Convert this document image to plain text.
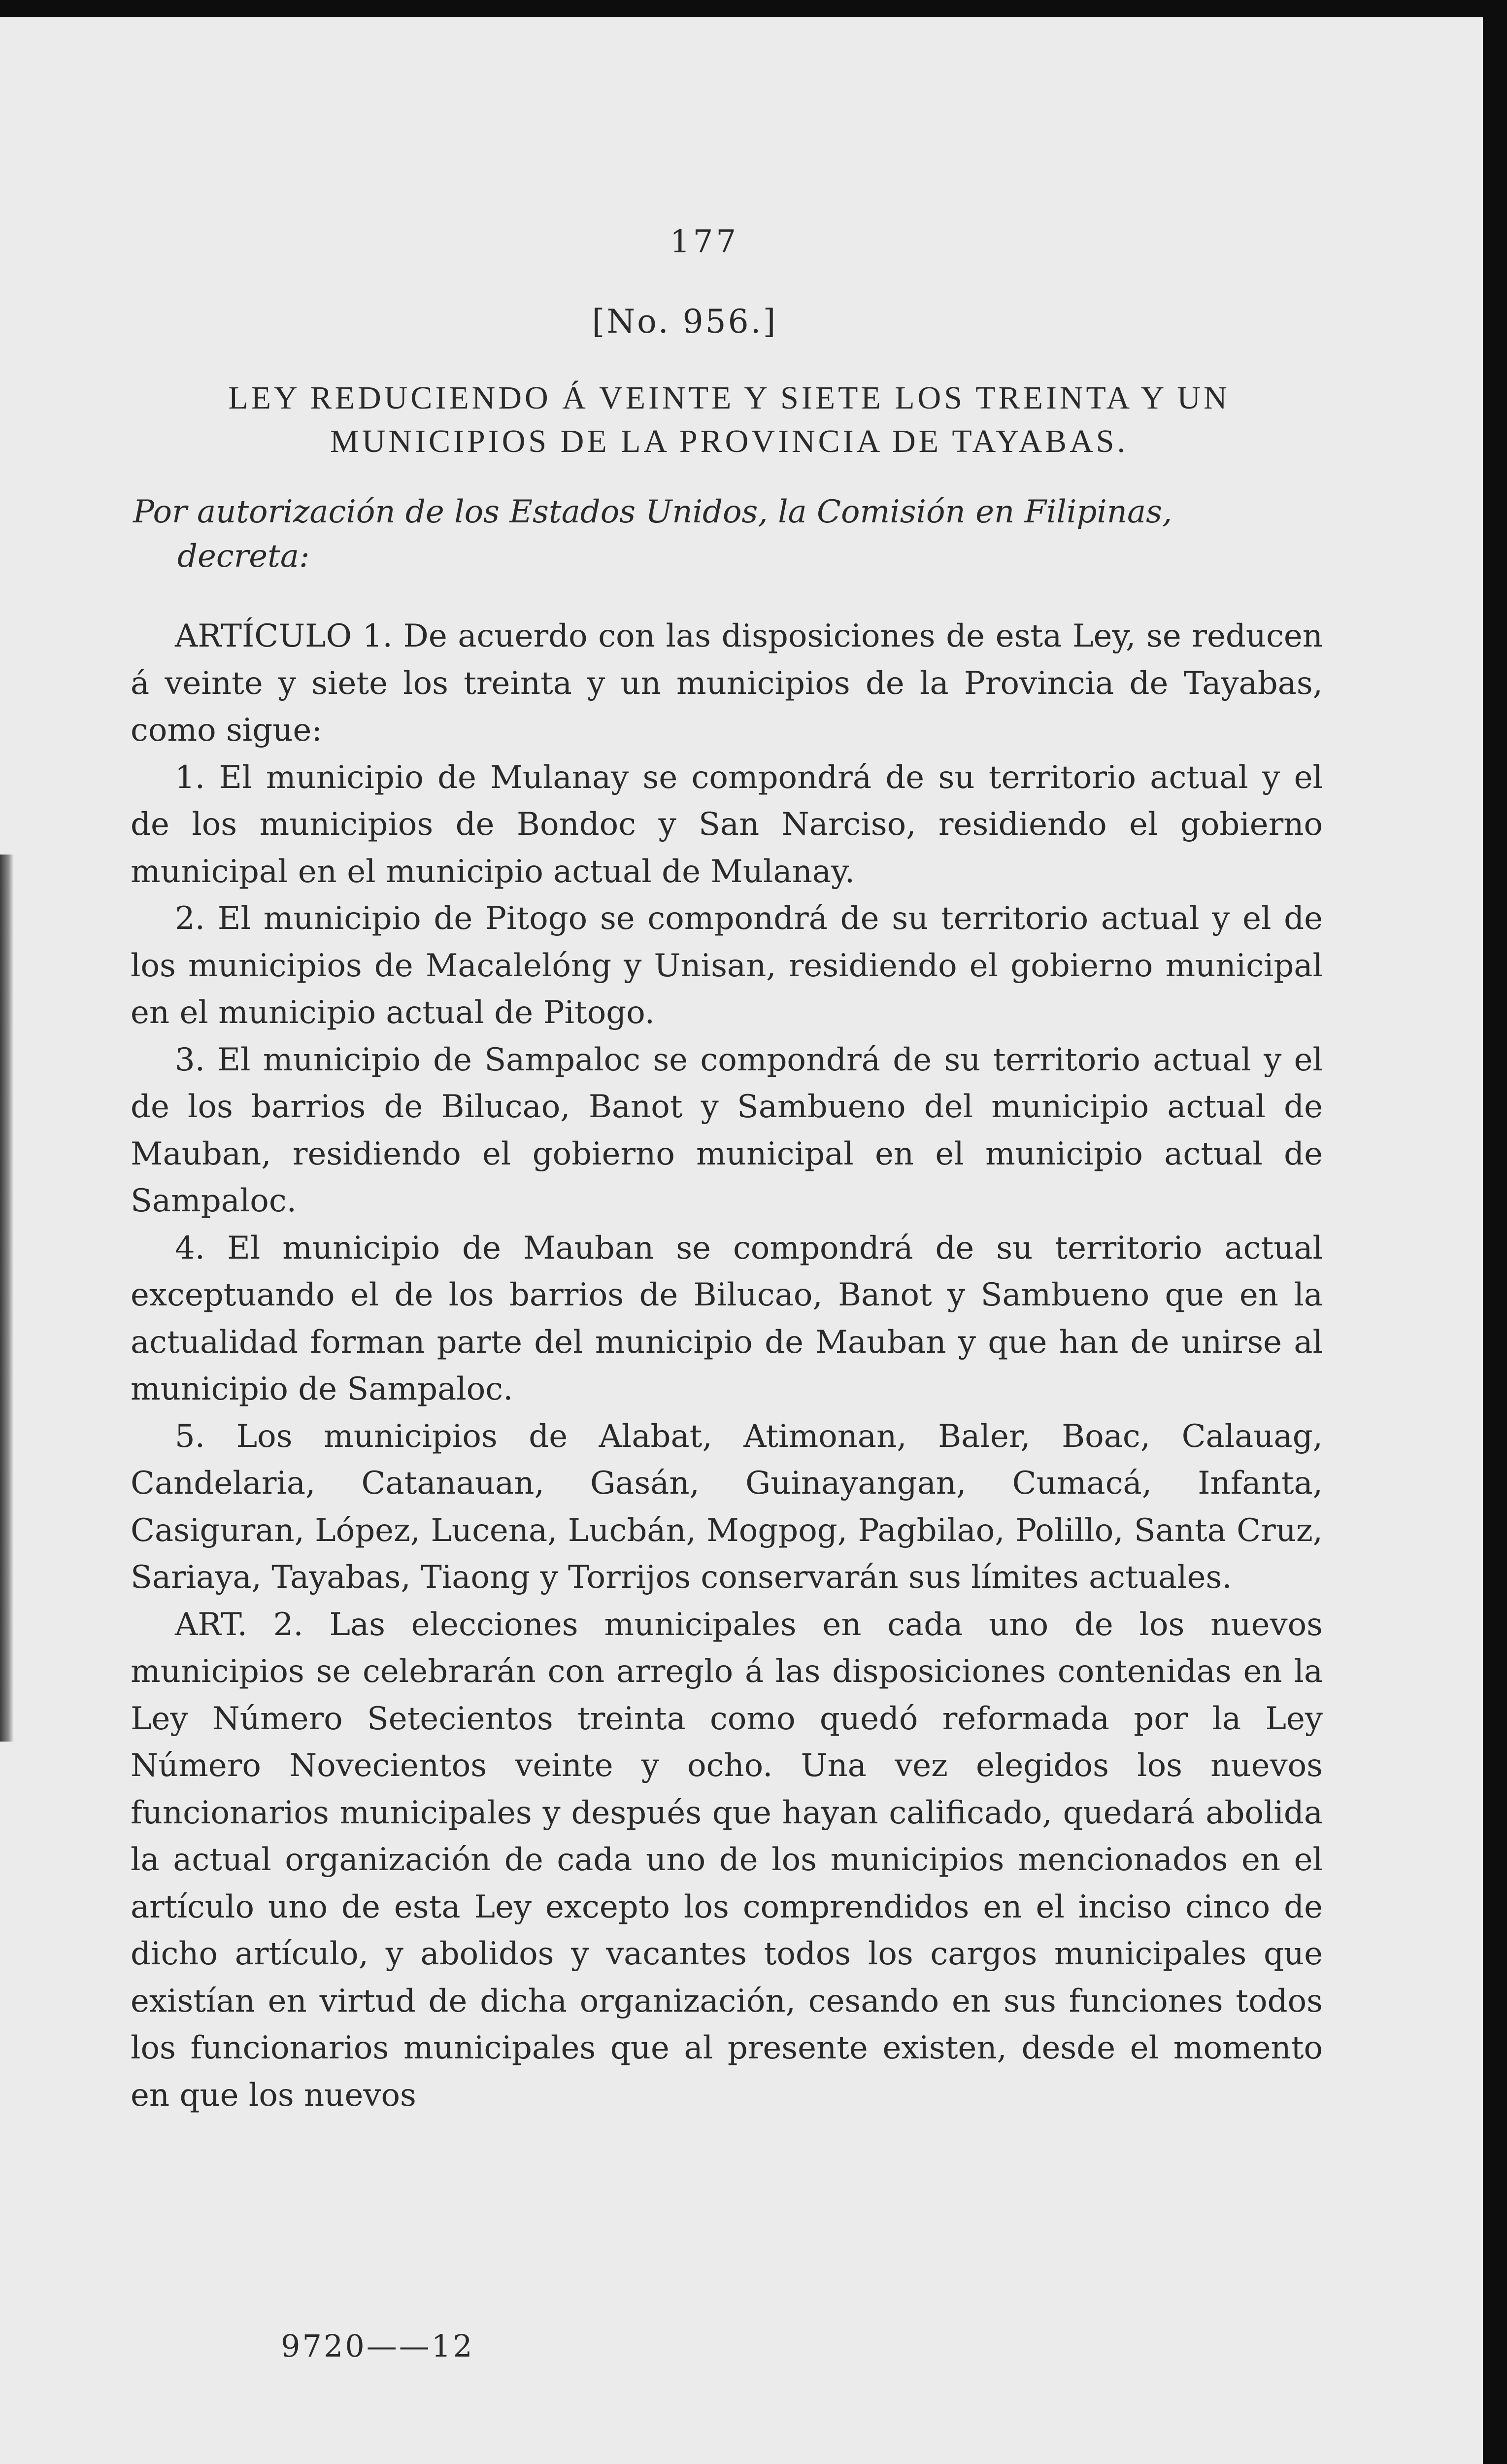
177
[No. 956.]
LEY REDUCIENDO Á VEINTE Y SIETE LOS TREINTA Y UN MUNICIPIOS DE LA PROVINCIA DE TAYABAS.
Por autorización de los Estados Unidos, la Comisión en Filipinas,
decreta:

ARTÍCULO 1. De acuerdo con las disposiciones de esta Ley, se reducen á veinte y siete los treinta y un municipios de la Provincia de Tayabas, como sigue:

1. El municipio de Mulanay se compondrá de su territorio actual y el de los municipios de Bondoc y San Narciso, residiendo el gobierno municipal en el municipio actual de Mulanay.

2. El municipio de Pitogo se compondrá de su territorio actual y el de los municipios de Macalelóng y Unisan, residiendo el gobierno municipal en el municipio actual de Pitogo.

3. El municipio de Sampaloc se compondrá de su territorio actual y el de los barrios de Bilucao, Banot y Sambueno del municipio actual de Mauban, residiendo el gobierno municipal en el municipio actual de Sampaloc.

4. El municipio de Mauban se compondrá de su territorio actual exceptuando el de los barrios de Bilucao, Banot y Sambueno que en la actualidad forman parte del municipio de Mauban y que han de unirse al municipio de Sampaloc.

5. Los municipios de Alabat, Atimonan, Baler, Boac, Calauag, Candelaria, Catanauan, Gasán, Guinayangan, Cumacá, Infanta, Casiguran, López, Lucena, Lucbán, Mogpog, Pagbilao, Polillo, Santa Cruz, Sariaya, Tayabas, Tiaong y Torrijos conservarán sus límites actuales.

ART. 2. Las elecciones municipales en cada uno de los nuevos municipios se celebrarán con arreglo á las disposiciones contenidas en la Ley Número Setecientos treinta como quedó reformada por la Ley Número Novecientos veinte y ocho. Una vez elegidos los nuevos funcionarios municipales y después que hayan calificado, quedará abolida la actual organización de cada uno de los municipios mencionados en el artículo uno de esta Ley excepto los comprendidos en el inciso cinco de dicho artículo, y abolidos y vacantes todos los cargos municipales que existían en virtud de dicha organización, cesando en sus funciones todos los funcionarios municipales que al presente existen, desde el momento en que los nuevos

9720——12
